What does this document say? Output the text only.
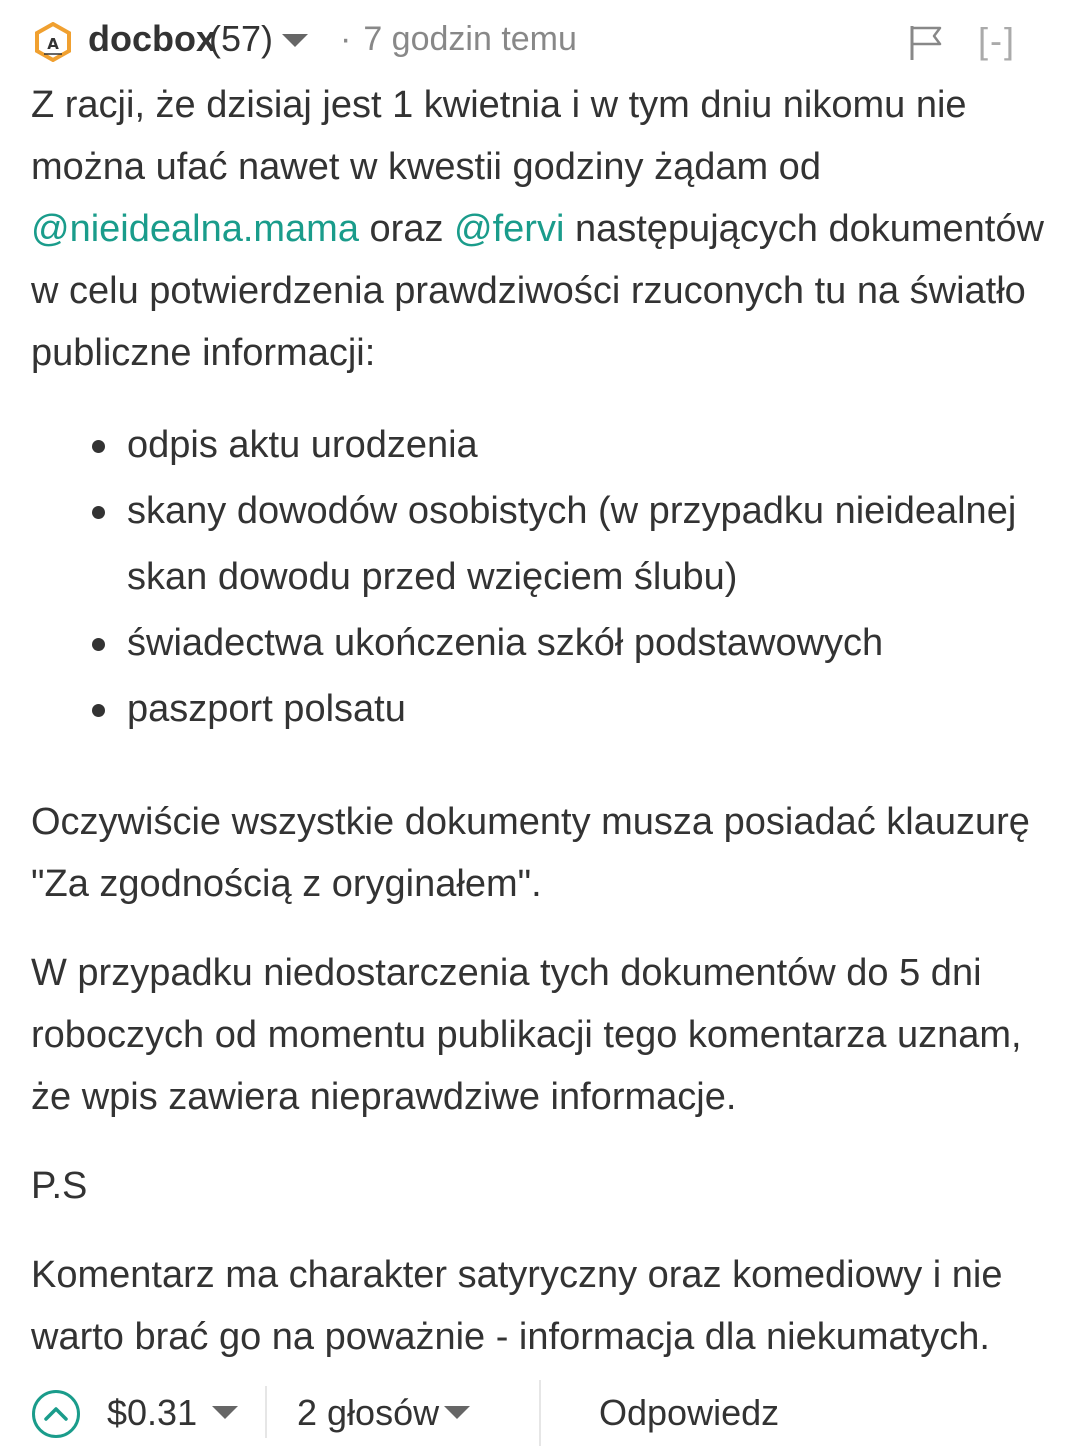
A docbox
(57) · 7 godzin temu	[-]

Z racji, że dzisiaj jest 1 kwietnia i w tym dniu nikomu nie można ufać nawet w kwestii godziny żądam od @nieidealna.mama oraz @fervi następujących dokumentów w celu potwierdzenia prawdziwości rzuconych tu na światło publiczne informacji:

odpis aktu urodzenia
skany dowodów osobistych (w przypadku nieidealnej skan dowodu przed wzięciem ślubu)
świadectwa ukończenia szkół podstawowych
paszport polsatu

Oczywiście wszystkie dokumenty musza posiadać klauzurę "Za zgodnością z oryginałem".

W przypadku niedostarczenia tych dokumentów do 5 dni roboczych od momentu publikacji tego komentarza uznam, że wpis zawiera nieprawdziwe informacje.

P.S

Komentarz ma charakter satyryczny oraz komediowy i nie warto brać go na poważnie - informacja dla niekumatych.

$0.31	2 głosów	Odpowiedz
